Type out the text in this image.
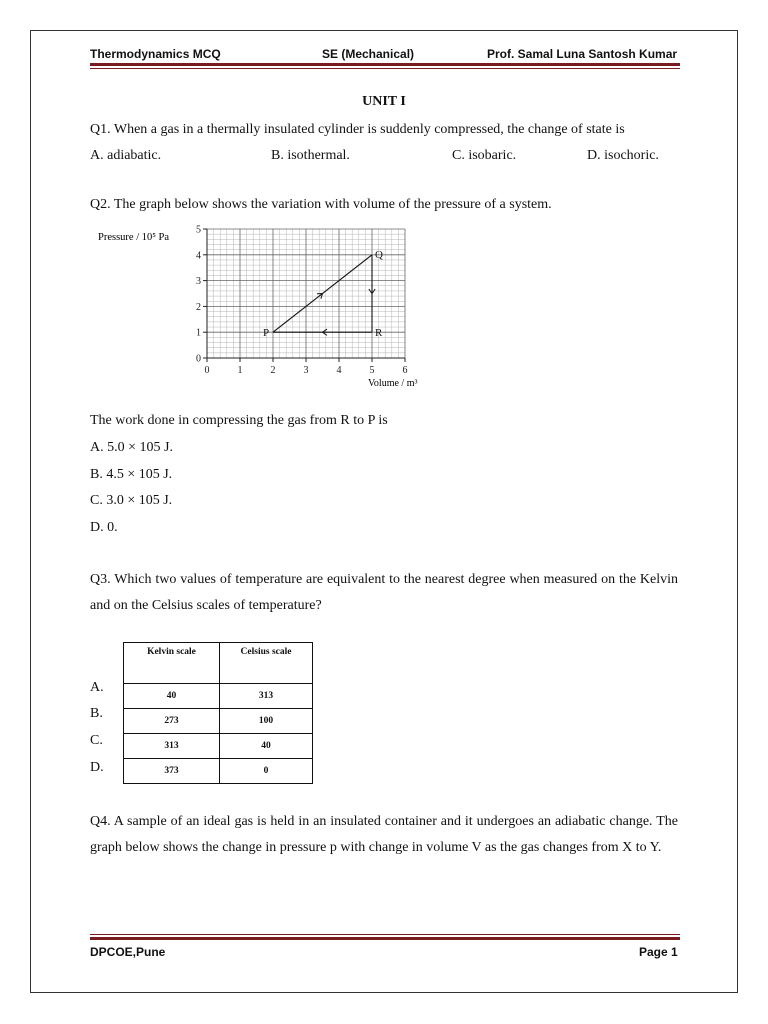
Thermodynamics MCQ	SE (Mechanical)	Prof. Samal Luna Santosh Kumar
UNIT I
Q1. When a gas in a thermally insulated cylinder is suddenly compressed, the change of state is
A. adiabatic.	B. isothermal.	C. isobaric.	D. isochoric.
Q2. The graph below shows the variation with volume of the pressure of a system.
0	1	2	3	4	5	6
0
1
2
3
4
5
P
Q
R
Pressure / 10⁵ Pa
Volume / m³
The work done in compressing the gas from R to P is
A. 5.0 × 105 J.
B. 4.5 × 105 J.
C. 3.0 × 105 J.
D. 0.
Q3. Which two values of temperature are equivalent to the nearest degree when measured on the Kelvin and on the Celsius scales of temperature?
Kelvin scale	Celsius scale
40	313
273	100
313	40
373	0
A.
B.
C.
D.
Q4. A sample of an ideal gas is held in an insulated container and it undergoes an adiabatic change. The graph below shows the change in pressure p with change in volume V as the gas changes from X to Y.
DPCOE,Pune	Page 1
